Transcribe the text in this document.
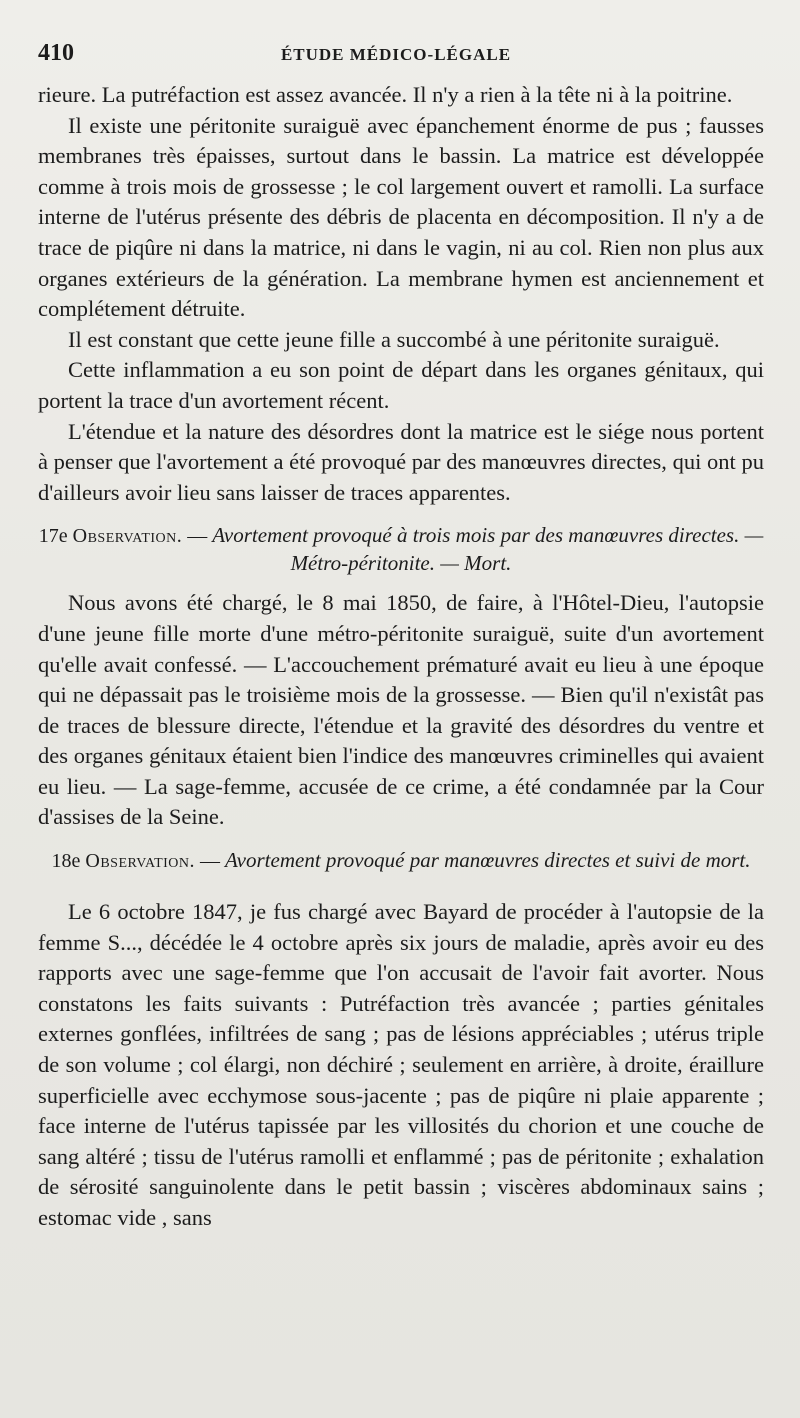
410	ÉTUDE MÉDICO-LÉGALE

rieure. La putréfaction est assez avancée. Il n'y a rien à la tête ni à la poitrine.

Il existe une péritonite suraiguë avec épanchement énorme de pus ; fausses membranes très épaisses, surtout dans le bassin. La matrice est développée comme à trois mois de grossesse ; le col largement ouvert et ramolli. La surface interne de l'utérus présente des débris de placenta en décomposition. Il n'y a de trace de piqûre ni dans la matrice, ni dans le vagin, ni au col. Rien non plus aux organes extérieurs de la génération. La membrane hymen est anciennement et complétement détruite.

Il est constant que cette jeune fille a succombé à une péritonite suraiguë.

Cette inflammation a eu son point de départ dans les organes génitaux, qui portent la trace d'un avortement récent.

L'étendue et la nature des désordres dont la matrice est le siége nous portent à penser que l'avortement a été provoqué par des manœuvres directes, qui ont pu d'ailleurs avoir lieu sans laisser de traces apparentes.

17e Observation. — Avortement provoqué à trois mois par des manœuvres directes. — Métro-péritonite. — Mort.

Nous avons été chargé, le 8 mai 1850, de faire, à l'Hôtel-Dieu, l'autopsie d'une jeune fille morte d'une métro-péritonite suraiguë, suite d'un avortement qu'elle avait confessé. — L'accouchement prématuré avait eu lieu à une époque qui ne dépassait pas le troisième mois de la grossesse. — Bien qu'il n'existât pas de traces de blessure directe, l'étendue et la gravité des désordres du ventre et des organes génitaux étaient bien l'indice des manœuvres criminelles qui avaient eu lieu. — La sage-femme, accusée de ce crime, a été condamnée par la Cour d'assises de la Seine.

18e Observation. — Avortement provoqué par manœuvres directes et suivi de mort.

Le 6 octobre 1847, je fus chargé avec Bayard de procéder à l'autopsie de la femme S..., décédée le 4 octobre après six jours de maladie, après avoir eu des rapports avec une sage-femme que l'on accusait de l'avoir fait avorter. Nous constatons les faits suivants : Putréfaction très avancée ; parties génitales externes gonflées, infiltrées de sang ; pas de lésions appréciables ; utérus triple de son volume ; col élargi, non déchiré ; seulement en arrière, à droite, éraillure superficielle avec ecchymose sous-jacente ; pas de piqûre ni plaie apparente ; face interne de l'utérus tapissée par les villosités du chorion et une couche de sang altéré ; tissu de l'utérus ramolli et enflammé ; pas de péritonite ; exhalation de sérosité sanguinolente dans le petit bassin ; viscères abdominaux sains ; estomac vide , sans
